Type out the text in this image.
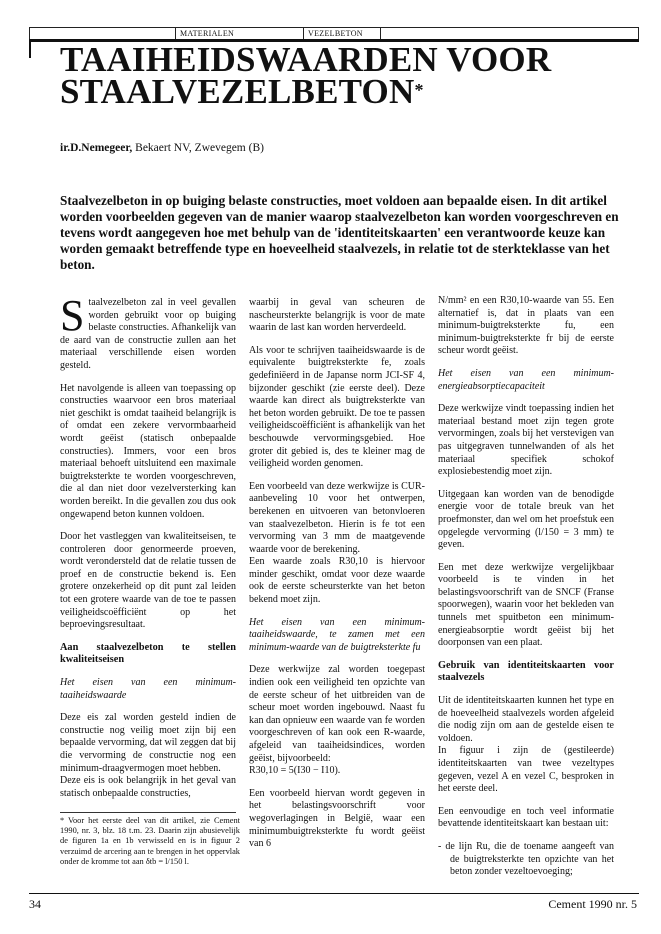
MATERIALEN	VEZELBETON
TAAIHEIDSWAARDEN VOOR
STAALVEZELBETON*
ir.D.Nemegeer, Bekaert NV, Zwevegem (B)

Staalvezelbeton in op buiging belaste constructies, moet voldoen aan bepaalde eisen. In dit artikel worden voorbeelden gegeven van de manier waarop staalvezelbeton kan worden voorgeschreven en tevens wordt aangegeven hoe met behulp van de 'identiteitskaarten' een verantwoorde keuze kan worden gemaakt betreffende type en hoeveelheid staalvezels, in relatie tot de sterkteklasse van het beton.

Staalvezelbeton zal in veel gevallen worden gebruikt voor op buiging belaste constructies. Afhankelijk van de aard van de constructie zullen aan het materiaal verschillende eisen worden gesteld.

Het navolgende is alleen van toepassing op constructies waarvoor een bros materiaal niet geschikt is omdat taaiheid belangrijk is of omdat een zekere vervormbaarheid wordt geëist (statisch onbepaalde constructies). Immers, voor een bros materiaal behoeft uitsluitend een maximale buigtreksterkte te worden voorgeschreven, die al dan niet door vezelversterking kan worden bereikt. In die gevallen zou dus ook ongewapend beton kunnen voldoen.

Door het vastleggen van kwaliteitseisen, te controleren door genormeerde proeven, wordt verondersteld dat de relatie tussen de proef en de constructie bekend is. Een grotere onzekerheid op dit punt zal leiden tot een grotere waarde van de toe te passen veiligheidscoëfficiënt op het beproevingsresultaat.

Aan staalvezelbeton te stellen kwaliteitseisen

Het eisen van een minimum-taaiheidswaarde

Deze eis zal worden gesteld indien de constructie nog veilig moet zijn bij een bepaalde vervorming, dat wil zeggen dat bij die vervorming de constructie nog een minimum-draagvermogen moet hebben.

Deze eis is ook belangrijk in het geval van statisch onbepaalde constructies,

waarbij in geval van scheuren de nascheursterkte belangrijk is voor de mate waarin de last kan worden herverdeeld.

Als voor te schrijven taaiheidswaarde is de equivalente buigtreksterkte fe, zoals gedefiniëerd in de Japanse norm JCI-SF 4, bijzonder geschikt (zie eerste deel). Deze waarde kan direct als buigtreksterkte van het beton worden gebruikt. De toe te passen veiligheidscoëfficiënt is afhankelijk van het beschouwde vervormingsgebied. Hoe groter dit gebied is, des te kleiner mag de veiligheid worden genomen.

Een voorbeeld van deze werkwijze is CUR-aanbeveling 10 voor het ontwerpen, berekenen en uitvoeren van betonvloeren van staalvezelbeton. Hierin is fe tot een vervorming van 3 mm de maatgevende waarde voor de berekening.

Een waarde zoals R30,10 is hiervoor minder geschikt, omdat voor deze waarde ook de eerste scheursterkte van het beton bekend moet zijn.

Het eisen van een minimum-taaiheidswaarde, te zamen met een minimum-waarde van de buigtreksterkte fu

Deze werkwijze zal worden toegepast indien ook een veiligheid ten opzichte van de eerste scheur of het uitbreiden van de scheur moet worden ingebouwd. Naast fu kan dan opnieuw een waarde van fe worden voorgeschreven of kan ook een R-waarde, afgeleid van taaiheidsindices, worden geëist, bijvoorbeeld:

R30,10 = 5(I30 − I10).

Een voorbeeld hiervan wordt gegeven in het belastingsvoorschrift voor wegoverlagingen in België, waar een minimumbuigtreksterkte fu wordt geëist van 6

N/mm² en een R30,10-waarde van 55. Een alternatief is, dat in plaats van een minimum-buigtreksterkte fu, een minimum-buigtreksterkte fr bij de eerste scheur wordt geëist.

Het eisen van een minimum-energieabsorptiecapaciteit

Deze werkwijze vindt toepassing indien het materiaal bestand moet zijn tegen grote vervormingen, zoals bij het verstevigen van pas uitgegraven tunnelwanden of als het materiaal specifiek schokof explosiebestendig moet zijn.

Uitgegaan kan worden van de benodigde energie voor de totale breuk van het proefmonster, dan wel om het proefstuk een opgelegde vervorming (l/150 = 3 mm) te geven.

Een met deze werkwijze vergelijkbaar voorbeeld is te vinden in het belastingsvoorschrift van de SNCF (Franse spoorwegen), waarin voor het bekleden van tunnels met spuitbeton een minimum-energieabsorptie wordt geëist bij het doorponsen van een plaat.

Gebruik van identiteitskaarten voor staalvezels

Uit de identiteitskaarten kunnen het type en de hoeveelheid staalvezels worden afgeleid die nodig zijn om aan de gestelde eisen te voldoen.

In figuur i zijn de (gestileerde) identiteitskaarten van twee vezeltypes gegeven, vezel A en vezel C, besproken in het eerste deel.

Een eenvoudige en toch veel informatie bevattende identiteitskaart kan bestaan uit:

- de lijn Ru, die de toename aangeeft van de buigtreksterkte ten opzichte van het beton zonder vezeltoevoeging;

* Voor het eerste deel van dit artikel, zie Cement 1990, nr. 3, blz. 18 t.m. 23. Daarin zijn abusievelijk de figuren 1a en 1b verwisseld en is in figuur 2 verzuimd de arcering aan te brengen in het oppervlak onder de kromme tot aan δtb = l/150 l.

34	Cement 1990 nr. 5
